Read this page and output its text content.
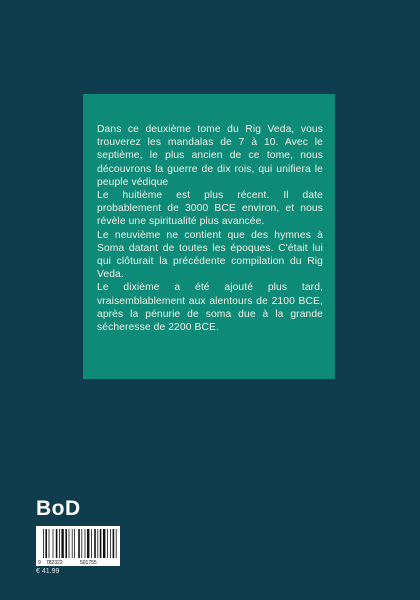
Dans ce deuxième tome du Rig Veda, vous trouverez les mandalas de 7 à 10. Avec le septième, le plus ancien de ce tome, nous découvrons la guerre de dix rois, qui unifiera le peuple védique

Le huitième est plus récent. Il date probablement de 3000 BCE environ, et nous révèle une spiritualité plus avancée.

Le neuvième ne contient que des hymnes à Soma datant de toutes les époques. C'était lui qui clôturait la précédente compilation du Rig Veda.

Le dixième a été ajouté plus tard, vraisemblablement aux alentours de 2100 BCE, après la pénurie de soma due à la grande sécheresse de 2200 BCE.

BoD
9 782322	501755
€ 41.99
